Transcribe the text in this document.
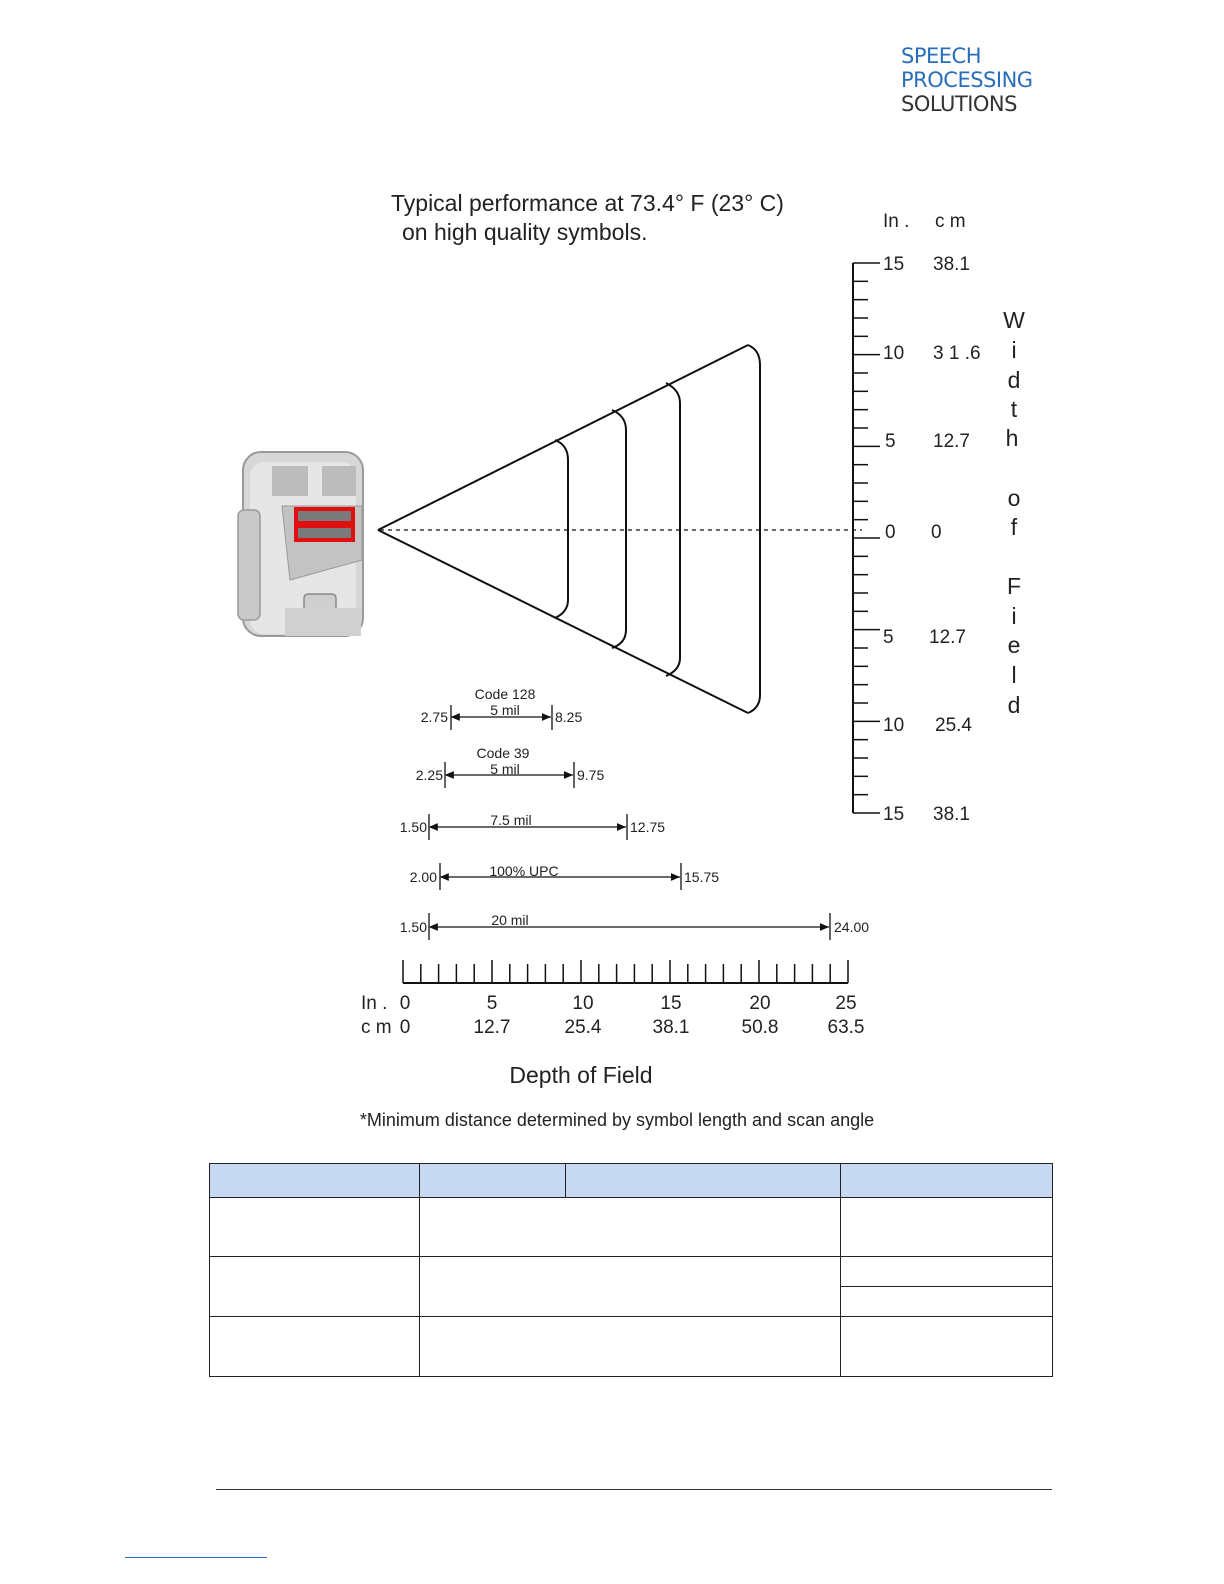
SPEECH
PROCESSING
SOLUTIONS
Typical performance at 73.4° F (23° C)
on high quality symbols.	In . c m
15 38.1
10 3 1 .6
5 12.7
0 0
5 12.7
10 25.4
15 38.1
W
i
d
t
h
o
f
F
i
e
l
d
Code 128
5 mil
2.75	8.25
Code 39
5 mil
2.25	9.75
7.5 mil
1.50	12.75
100% UPC
2.00	15.75
20 mil
1.50	24.00
In .
c m
0	5	10	15	20	25
0	12.7	25.4	38.1	50.8	63.5
Depth of Field
*Minimum distance determined by symbol length and scan angle
